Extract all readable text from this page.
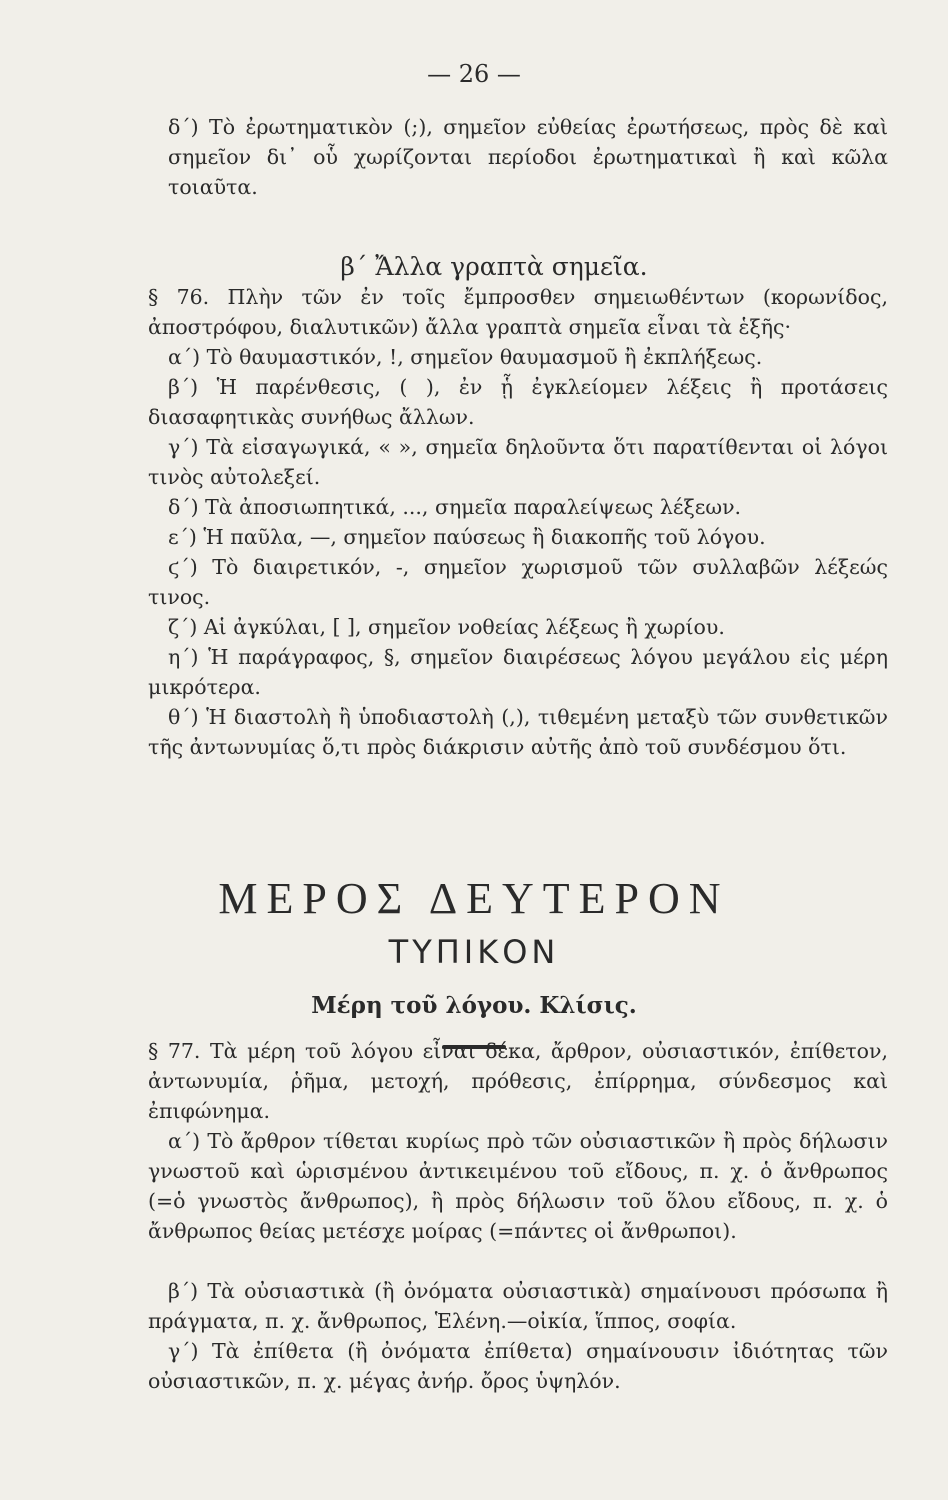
— 26 —

δ΄) Τὸ ἐρωτηματικὸν (;), σημεῖον εὐθείας ἐρωτήσεως, πρὸς δὲ καὶ σημεῖον δι᾽ οὗ χωρίζονται περίοδοι ἐρωτηματικαὶ ἢ καὶ κῶλα τοιαῦτα.

β΄ Ἄλλα γραπτὰ σημεῖα.

§ 76. Πλὴν τῶν ἐν τοῖς ἔμπροσθεν σημειωθέντων (κορωνίδος, ἀποστρόφου, διαλυτικῶν) ἄλλα γραπτὰ σημεῖα εἶναι τὰ ἑξῆς·

α΄) Τὸ θαυμαστικόν, !, σημεῖον θαυμασμοῦ ἢ ἐκπλήξεως.

β΄) Ἡ παρένθεσις, ( ), ἐν ᾗ ἐγκλείομεν λέξεις ἢ προτάσεις διασαφητικὰς συνήθως ἄλλων.

γ΄) Τὰ εἰσαγωγικά, « », σημεῖα δηλοῦντα ὅτι παρατίθενται οἱ λόγοι τινὸς αὐτολεξεί.

δ΄) Τὰ ἀποσιωπητικά, ..., σημεῖα παραλείψεως λέξεων.

ε΄) Ἡ παῦλα, —, σημεῖον παύσεως ἢ διακοπῆς τοῦ λόγου.

ϛ΄) Τὸ διαιρετικόν, -, σημεῖον χωρισμοῦ τῶν συλλαβῶν λέξεώς τινος.

ζ΄) Αἱ ἀγκύλαι, [ ], σημεῖον νοθείας λέξεως ἢ χωρίου.

η΄) Ἡ παράγραφος, §, σημεῖον διαιρέσεως λόγου μεγάλου εἰς μέρη μικρότερα.

θ΄) Ἡ διαστολὴ ἢ ὑποδιαστολὴ (,), τιθεμένη μεταξὺ τῶν συνθετικῶν τῆς ἀντωνυμίας ὅ,τι πρὸς διάκρισιν αὐτῆς ἀπὸ τοῦ συνδέσμου ὅτι.

ΜΕΡΟΣ ΔΕΥΤΕΡΟΝ
ΤΥΠΙΚΟΝ
Μέρη τοῦ λόγου. Κλίσις.

§ 77. Τὰ μέρη τοῦ λόγου εἶναι δέκα, ἄρθρον, οὐσιαστικόν, ἐπίθετον, ἀντωνυμία, ῥῆμα, μετοχή, πρόθεσις, ἐπίρρημα, σύνδεσμος καὶ ἐπιφώνημα.

α΄) Τὸ ἄρθρον τίθεται κυρίως πρὸ τῶν οὐσιαστικῶν ἢ πρὸς δήλωσιν γνωστοῦ καὶ ὡρισμένου ἀντικειμένου τοῦ εἴδους, π. χ. ὁ ἄνθρωπος (=ὁ γνωστὸς ἄνθρωπος), ἢ πρὸς δήλωσιν τοῦ ὅλου εἴδους, π. χ. ὁ ἄνθρωπος θείας μετέσχε μοίρας (=πάντες οἱ ἄνθρωποι).

β΄) Τὰ οὐσιαστικὰ (ἢ ὀνόματα οὐσιαστικὰ) σημαίνουσι πρόσωπα ἢ πράγματα, π. χ. ἄνθρωπος, Ἑλένη.—οἰκία, ἵππος, σοφία.

γ΄) Τὰ ἐπίθετα (ἢ ὀνόματα ἐπίθετα) σημαίνουσιν ἰδιότητας τῶν οὐσιαστικῶν, π. χ. μέγας ἀνήρ. ὄρος ὑψηλόν.
